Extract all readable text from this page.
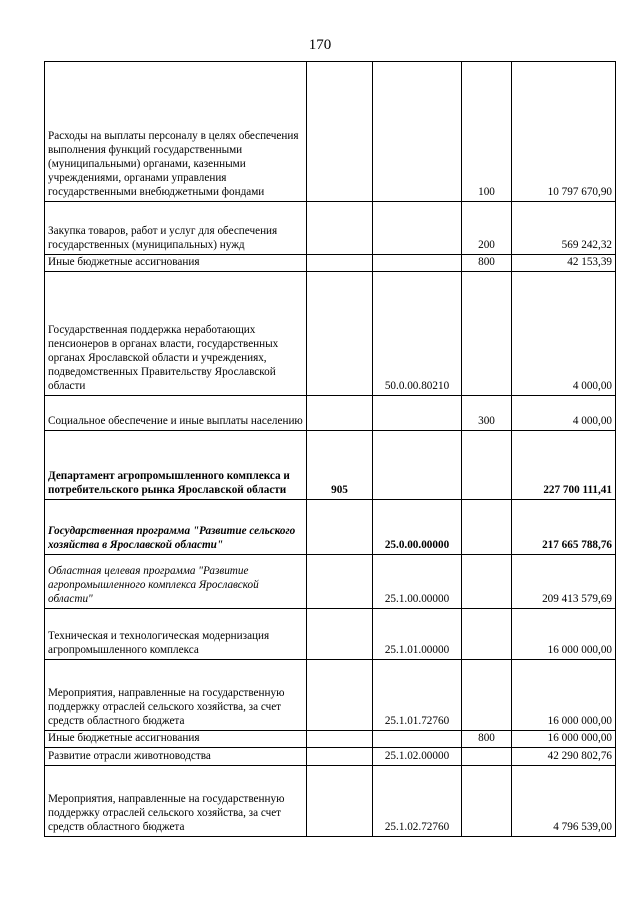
170
Расходы на выплаты персоналу в целях обеспечения выполнения функций государственными (муниципальными) органами, казенными учреждениями, органами управления государственными внебюджетными фондами			100	10 797 670,90
Закупка товаров, работ и услуг для обеспечения государственных (муниципальных) нужд			200	569 242,32
Иные бюджетные ассигнования			800	42 153,39
Государственная поддержка неработающих пенсионеров в органах власти, государственных органах Ярославской области и учреждениях, подведомственных Правительству Ярославской области		50.0.00.80210		4 000,00
Социальное обеспечение и иные выплаты населению			300	4 000,00
Департамент агропромышленного комплекса и потребительского рынка Ярославской области	905			227 700 111,41
Государственная программа "Развитие сельского хозяйства в Ярославской области"		25.0.00.00000		217 665 788,76
Областная целевая программа "Развитие агропромышленного комплекса Ярославской области"		25.1.00.00000		209 413 579,69
Техническая и технологическая модернизация агропромышленного комплекса		25.1.01.00000		16 000 000,00
Мероприятия, направленные на государственную поддержку отраслей сельского хозяйства, за счет средств областного бюджета		25.1.01.72760		16 000 000,00
Иные бюджетные ассигнования			800	16 000 000,00
Развитие отрасли животноводства		25.1.02.00000		42 290 802,76
Мероприятия, направленные на государственную поддержку отраслей сельского хозяйства, за счет средств областного бюджета		25.1.02.72760		4 796 539,00
